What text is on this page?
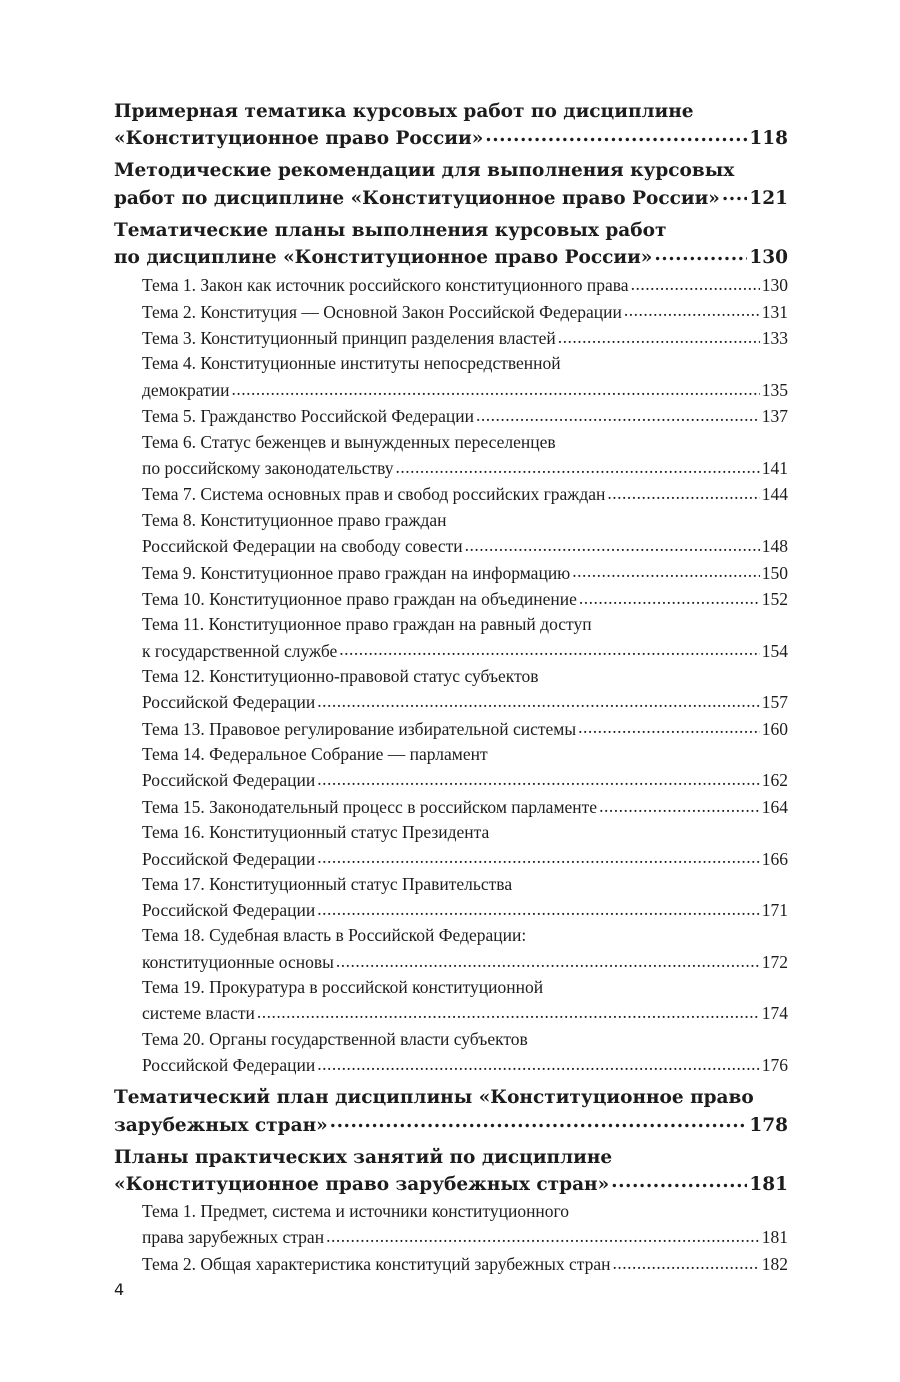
Примерная тематика курсовых работ по дисциплине
«Конституционное право России» .....	118
Методические рекомендации для выполнения курсовых
работ по дисциплине «Конституционное право России» ..... 121
Тематические планы выполнения курсовых работ
по дисциплине «Конституционное право России» .....	130
Тема 1. Закон как источник российского конституционного права .....	130
Тема 2. Конституция — Основной Закон Российской Федерации .....	131
Тема 3. Конституционный принцип разделения властей .....	133
Тема 4. Конституционные институты непосредственной
демократии .....	135
Тема 5. Гражданство Российской Федерации .....	137
Тема 6. Статус беженцев и вынужденных переселенцев
по российскому законодательству .....	141
Тема 7. Система основных прав и свобод российских граждан .....	144
Тема 8. Конституционное право граждан
Российской Федерации на свободу совести .....	148
Тема 9. Конституционное право граждан на информацию .....	150
Тема 10. Конституционное право граждан на объединение .....	152
Тема 11. Конституционное право граждан на равный доступ
к государственной службе .....	154
Тема 12. Конституционно-правовой статус субъектов
Российской Федерации .....	157
Тема 13. Правовое регулирование избирательной системы .....	160
Тема 14. Федеральное Собрание — парламент
Российской Федерации .....	162
Тема 15. Законодательный процесс в российском парламенте .....	164
Тема 16. Конституционный статус Президента
Российской Федерации .....	166
Тема 17. Конституционный статус Правительства
Российской Федерации .....	171
Тема 18. Судебная власть в Российской Федерации:
конституционные основы .....	172
Тема 19. Прокуратура в российской конституционной
системе власти .....	174
Тема 20. Органы государственной власти субъектов
Российской Федерации .....	176
Тематический план дисциплины «Конституционное право
зарубежных стран» .....	178
Планы практических занятий по дисциплине
«Конституционное право зарубежных стран» .....	181
Тема 1. Предмет, система и источники конституционного
права зарубежных стран .....	181
Тема 2. Общая характеристика конституций зарубежных стран .....	182
4
